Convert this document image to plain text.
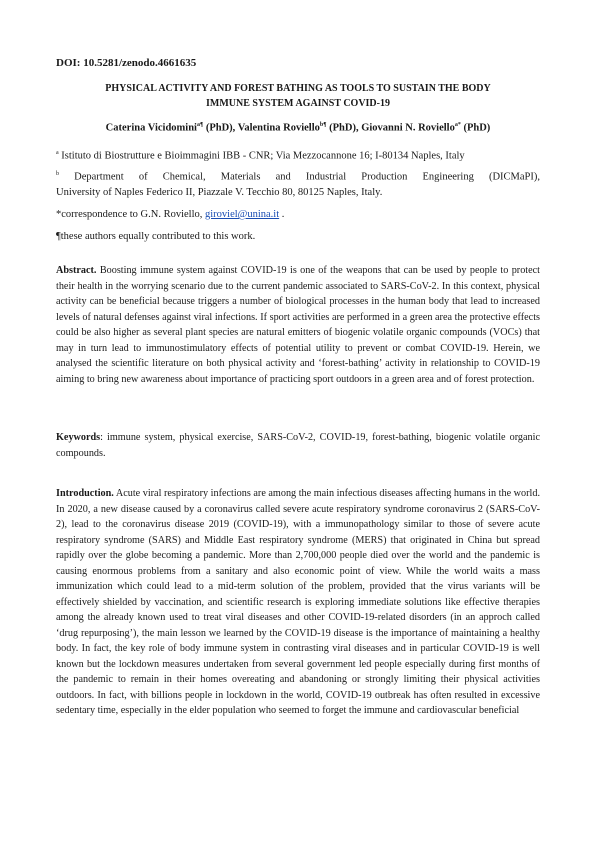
DOI: 10.5281/zenodo.4661635
PHYSICAL ACTIVITY AND FOREST BATHING AS TOOLS TO SUSTAIN THE BODY
IMMUNE SYSTEM AGAINST COVID-19
Caterina Vicidomini$^{a\P}$ (PhD), Valentina Roviello$^{b\P}$ (PhD), Giovanni N. Roviello$^{a*}$ (PhD)
$^a$ Istituto di Biostrutture e Bioimmagini IBB - CNR; Via Mezzocannone 16; I-80134 Naples, Italy
$^b$ Department of Chemical, Materials and Industrial Production Engineering (DICMaPI),
University of Naples Federico II, Piazzale V. Tecchio 80, 80125 Naples, Italy.
*correspondence to G.N. Roviello, giroviel@unina.it .
¶these authors equally contributed to this work.
Abstract. Boosting immune system against COVID-19 is one of the weapons that can be used by people to protect their health in the worrying scenario due to the current pandemic associated to SARS-CoV-2. In this context, physical activity can be beneficial because triggers a number of biological processes in the human body that lead to increased levels of natural defenses against viral infections. If sport activities are performed in a green area the protective effects could be also higher as several plant species are natural emitters of biogenic volatile organic compounds (VOCs) that may in turn lead to immunostimulatory effects of potential utility to prevent or combat COVID-19. Herein, we analysed the scientific literature on both physical activity and ‘forest-bathing’ activity in relationship to COVID-19 aiming to bring new awareness about importance of practicing sport outdoors in a green area and of forest protection.
Keywords: immune system, physical exercise, SARS-CoV-2, COVID-19, forest-bathing, biogenic volatile organic compounds.
Introduction. Acute viral respiratory infections are among the main infectious diseases affecting humans in the world. In 2020, a new disease caused by a coronavirus called severe acute respiratory syndrome coronavirus 2 (SARS-CoV-2), lead to the coronavirus disease 2019 (COVID-19), with a immunopathology similar to those of severe acute respiratory syndrome (SARS) and Middle East respiratory syndrome (MERS) that originated in China but spread rapidly over the globe becoming a pandemic. More than 2,700,000 people died over the world and the pandemic is causing enormous problems from a sanitary and also economic point of view. While the world waits a mass immunization which could lead to a mid-term solution of the problem, provided that the virus variants will be effectively shielded by vaccination, and scientific research is exploring immediate solutions like effective therapies among the already known used to treat viral diseases and other COVID-19-related disorders (in an approch called ‘drug repurposing’), the main lesson we learned by the COVID-19 disease is the importance of maintaining a healthy body. In fact, the key role of body immune system in contrasting viral diseases and in particular COVID-19 is well known but the lockdown measures undertaken from several government led people especially during first months of the pandemic to remain in their homes overeating and abandoning or strongly limiting their physical activities outdoors. In fact, with billions people in lockdown in the world, COVID-19 outbreak has often resulted in excessive sedentary time, especially in the elder population who seemed to forget the immune and cardiovascular beneficial
